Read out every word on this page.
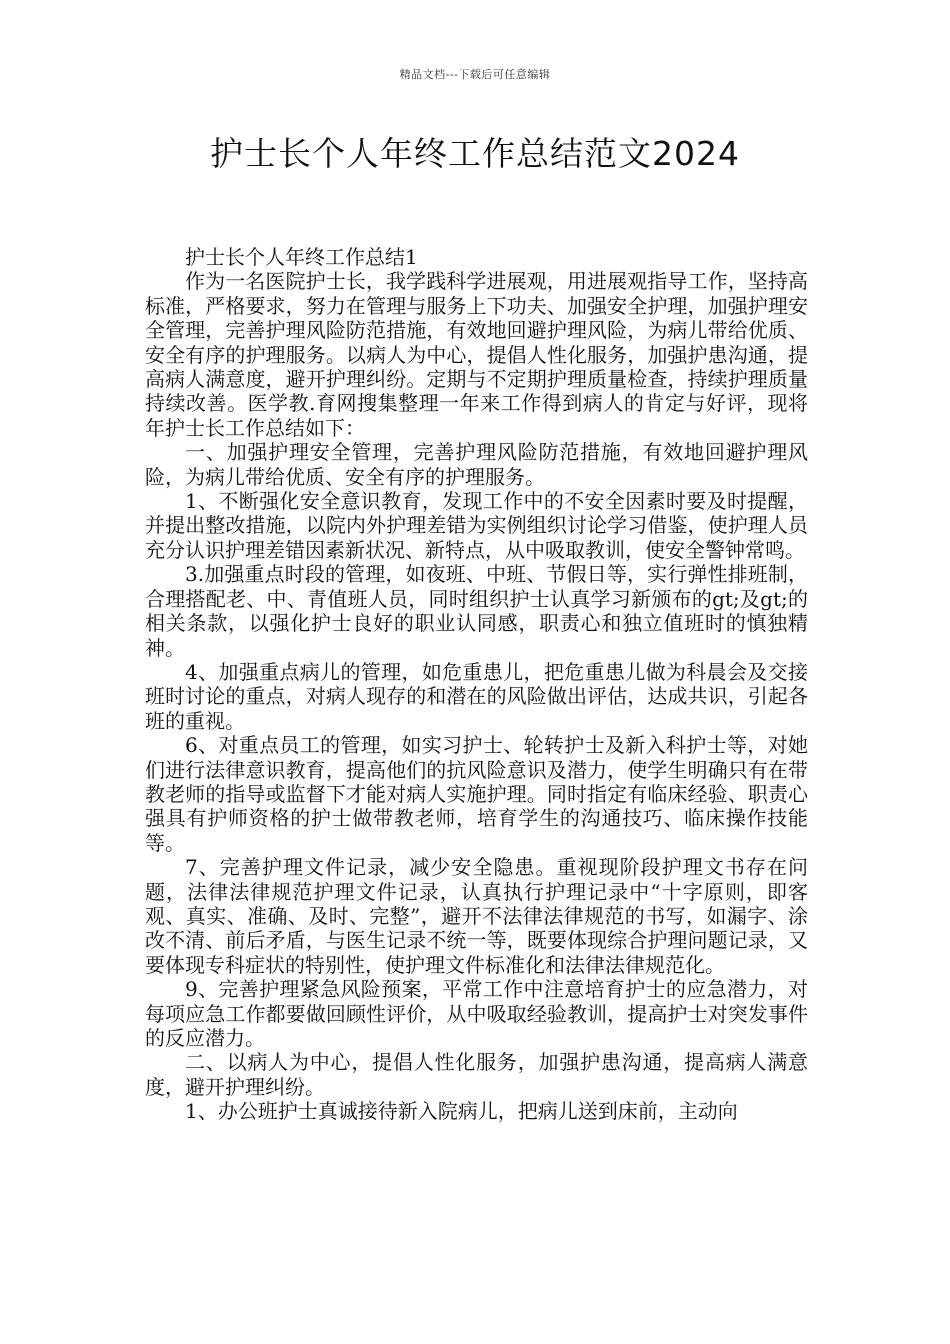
精品文档---下载后可任意编辑
护士长个人年终工作总结范文2024

护士长个人年终工作总结1

作为一名医院护士长，我学践科学进展观，用进展观指导工作，坚持高标准，严格要求，努力在管理与服务上下功夫、加强安全护理，加强护理安全管理，完善护理风险防范措施，有效地回避护理风险，为病儿带给优质、安全有序的护理服务。以病人为中心，提倡人性化服务，加强护患沟通，提高病人满意度，避开护理纠纷。定期与不定期护理质量检查，持续护理质量持续改善。医学教.育网搜集整理一年来工作得到病人的肯定与好评，现将年护士长工作总结如下：

一、加强护理安全管理，完善护理风险防范措施，有效地回避护理风险，为病儿带给优质、安全有序的护理服务。

1、不断强化安全意识教育，发现工作中的不安全因素时要及时提醒，并提出整改措施，以院内外护理差错为实例组织讨论学习借鉴，使护理人员充分认识护理差错因素新状况、新特点，从中吸取教训，使安全警钟常鸣。

3.加强重点时段的管理，如夜班、中班、节假日等，实行弹性排班制，合理搭配老、中、青值班人员，同时组织护士认真学习新颁布的gt;及gt;的相关条款，以强化护士良好的职业认同感，职责心和独立值班时的慎独精神。

4、加强重点病儿的管理，如危重患儿，把危重患儿做为科晨会及交接班时讨论的重点，对病人现存的和潜在的风险做出评估，达成共识，引起各班的重视。

6、对重点员工的管理，如实习护士、轮转护士及新入科护士等，对她们进行法律意识教育，提高他们的抗风险意识及潜力，使学生明确只有在带教老师的指导或监督下才能对病人实施护理。同时指定有临床经验、职责心强具有护师资格的护士做带教老师，培育学生的沟通技巧、临床操作技能等。

7、完善护理文件记录，减少安全隐患。重视现阶段护理文书存在问题，法律法律规范护理文件记录，认真执行护理记录中“十字原则，即客观、真实、准确、及时、完整”，避开不法律法律规范的书写，如漏字、涂改不清、前后矛盾，与医生记录不统一等，既要体现综合护理问题记录，又要体现专科症状的特别性，使护理文件标准化和法律法律规范化。

9、完善护理紧急风险预案，平常工作中注意培育护士的应急潜力，对每项应急工作都要做回顾性评价，从中吸取经验教训，提高护士对突发事件的反应潜力。

二、以病人为中心，提倡人性化服务，加强护患沟通，提高病人满意度，避开护理纠纷。

1、办公班护士真诚接待新入院病儿，把病儿送到床前，主动向
